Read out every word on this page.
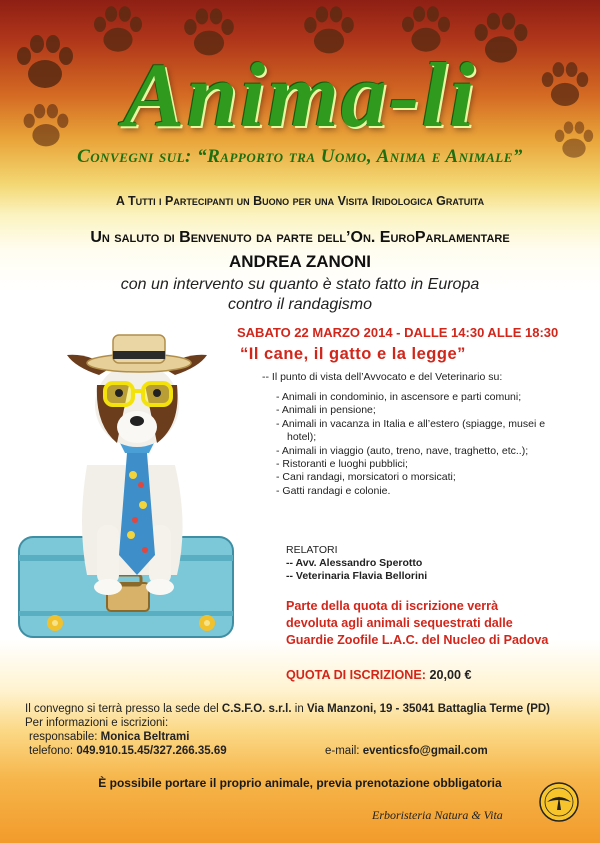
Anima-li
Convegni sul: “Rapporto tra Uomo, Anima e Animale”
A Tutti i Partecipanti un Buono per una Visita Iridologica Gratuita
Un saluto di Benvenuto da parte dell’On. EuroParlamentare
ANDREA ZANONI
con un intervento su quanto è stato fatto in Europa
contro il randagismo
SABATO 22 MARZO 2014 - DALLE 14:30 ALLE 18:30
“Il cane, il gatto e la legge”
-- Il punto di vista dell’Avvocato e del Veterinario su:
- Animali in condominio, in ascensore e parti comuni;
- Animali in pensione;
- Animali in vacanza in Italia e all’estero (spiagge, musei e hotel);
- Animali in viaggio (auto, treno, nave, traghetto, etc..);
- Ristoranti e luoghi pubblici;
- Cani randagi, morsicatori o morsicati;
- Gatti randagi e colonie.
RELATORI
-- Avv. Alessandro Sperotto
-- Veterinaria Flavia Bellorini
Parte della quota di iscrizione verrà
devoluta agli animali sequestrati dalle
Guardie Zoofile L.A.C. del Nucleo di Padova
QUOTA DI ISCRIZIONE: 20,00 €
Il convegno si terrà presso la sede del C.S.F.O. s.r.l. in Via Manzoni, 19 - 35041 Battaglia Terme (PD)
Per informazioni e iscrizioni:
responsabile: Monica Beltrami
telefono: 049.910.15.45/327.266.35.69	e-mail: eventicsfo@gmail.com
È possibile portare il proprio animale, previa prenotazione obbligatoria
Erboristeria Natura & Vita
